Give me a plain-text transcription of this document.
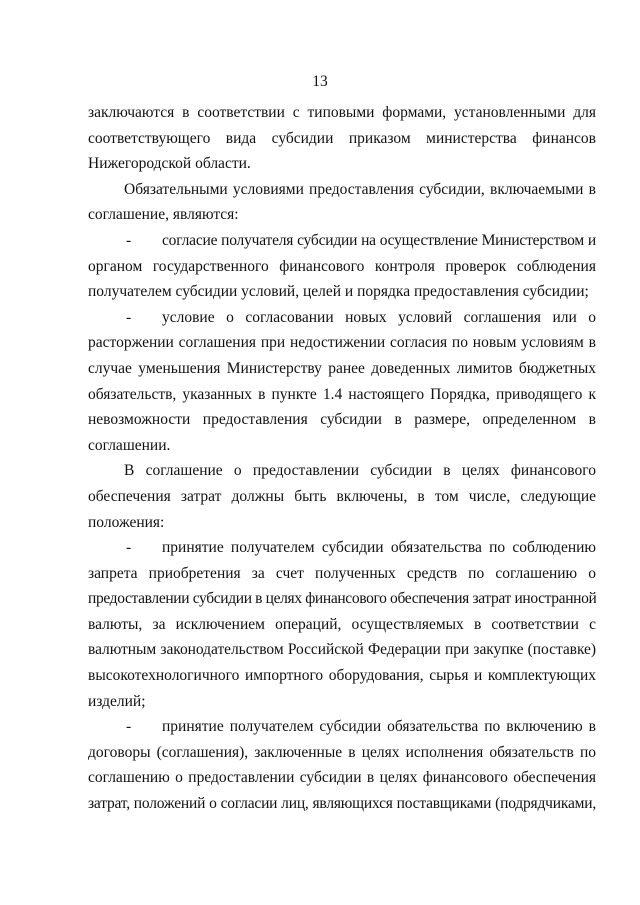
13
заключаются в соответствии с типовыми формами, установленными для
соответствующего вида субсидии приказом министерства финансов
Нижегородской области.
Обязательными условиями предоставления субсидии, включаемыми в
соглашение, являются:
- согласие получателя субсидии на осуществление Министерством и
органом государственного финансового контроля проверок соблюдения
получателем субсидии условий, целей и порядка предоставления субсидии;
- условие о согласовании новых условий соглашения или о
расторжении соглашения при недостижении согласия по новым условиям в
случае уменьшения Министерству ранее доведенных лимитов бюджетных
обязательств, указанных в пункте 1.4 настоящего Порядка, приводящего к
невозможности предоставления субсидии в размере, определенном в
соглашении.
В соглашение о предоставлении субсидии в целях финансового
обеспечения затрат должны быть включены, в том числе, следующие
положения:
- принятие получателем субсидии обязательства по соблюдению
запрета приобретения за счет полученных средств по соглашению о
предоставлении субсидии в целях финансового обеспечения затрат иностранной
валюты, за исключением операций, осуществляемых в соответствии с
валютным законодательством Российской Федерации при закупке (поставке)
высокотехнологичного импортного оборудования, сырья и комплектующих
изделий;
- принятие получателем субсидии обязательства по включению в
договоры (соглашения), заключенные в целях исполнения обязательств по
соглашению о предоставлении субсидии в целях финансового обеспечения
затрат, положений о согласии лиц, являющихся поставщиками (подрядчиками,
